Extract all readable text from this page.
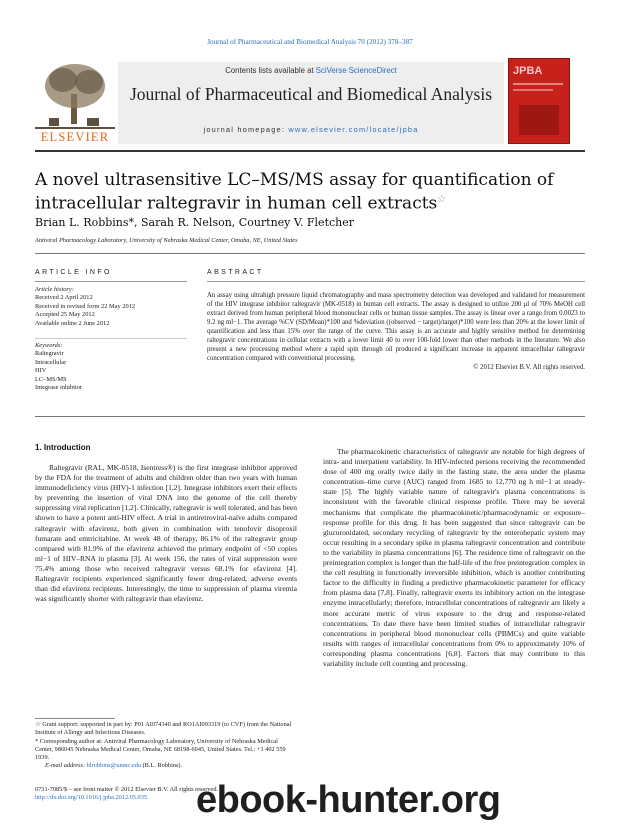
Journal of Pharmaceutical and Biomedical Analysis 70 (2012) 378–387
ELSEVIER
Contents lists available at SciVerse ScienceDirect
Journal of Pharmaceutical and Biomedical Analysis
journal homepage: www.elsevier.com/locate/jpba
JPBA
A novel ultrasensitive LC–MS/MS assay for quantification of intracellular raltegravir in human cell extracts☆
Brian L. Robbins*, Sarah R. Nelson, Courtney V. Fletcher
Antiviral Pharmacology Laboratory, University of Nebraska Medical Center, Omaha, NE, United States
ARTICLE INFO
Article history:
Received 2 April 2012
Received in revised form 22 May 2012
Accepted 25 May 2012
Available online 2 June 2012
Keywords:
Raltegravir
Intracellular
HIV
LC–MS/MS
Integrase inhibitor
ABSTRACT
An assay using ultrahigh pressure liquid chromatography and mass spectrometry detection was developed and validated for measurement of the HIV integrase inhibitor raltegravir (MK-0518) in human cell extracts. The assay is designed to utilize 200 μl of 70% MeOH cell extract derived from human peripheral blood mononuclear cells or human tissue samples. The assay is linear over a range from 0.0023 to 9.2 ng ml−1. The average %CV (SD/Mean)*100 and %deviation ((observed − target)/target)*100 were less than 20% at the lower limit of quantification and less than 15% over the range of the curve. This assay is an accurate and highly sensitive method for determining raltegravir concentrations in cellular extracts with a lower limit 40 to over 100-fold lower than other methods in the literature. We also present a new processing method where a rapid spin through oil produced a significant increase in apparent intracellular raltegravir concentration compared with conventional processing.
© 2012 Elsevier B.V. All rights reserved.
1. Introduction
Raltegravir (RAL, MK-0518, Isentress®) is the first integrase inhibitor approved by the FDA for the treatment of adults and children older than two years with human immunodeficiency virus (HIV)-1 infection [1,2]. Integrase inhibitors exert their effects by preventing the insertion of viral DNA into the genome of the cell thereby suppressing viral replication [1,2]. Clinically, raltegravir is well tolerated, and has been shown to have a potent anti-HIV effect. A trial in antiretroviral-naïve adults compared raltegravir with efavirenz, both given in combination with tenofovir disoproxil fumarate and emtricitabine. At week 48 of therapy, 86.1% of the raltegravir group compared with 81.9% of the efavirenz achieved the primary endpoint of <50 copies ml−1 of HIV–RNA in plasma [3]. At week 156, the rates of viral suppression were 75.4% among those who received raltegravir versus 68.1% for efavirenz [4]. Raltegravir recipients experienced significantly fewer drug-related, adverse events than did efavirenz recipients. Interestingly, the time to suppression of plasma viremia was significantly shorter with raltegravir than efavirenz.
The pharmacokinetic characteristics of raltegravir are notable for high degrees of intra- and interpatient variability. In HIV-infected persons receiving the recommended dose of 400 mg orally twice daily in the fasting state, the area under the plasma concentration–time curve (AUC) ranged from 1685 to 12,770 ng h ml−1 at steady-state [5]. The highly variable nature of raltegravir's plasma concentrations is inconsistent with the favorable clinical response profile. There may be several mechanisms that complicate the pharmacokinetic/pharmacodynamic or exposure–response profile for this drug. It has been suggested that since raltegravir can be glucuronidated, secondary recycling of raltegravir by the enterohepatic system may occur resulting in a secondary spike in plasma raltegravir concentration and contribute to the variability in plasma concentrations [6]. The residence time of raltegravir on the preintegration complex is longer than the half-life of the free preintegration complex in the cell resulting in functionally irreversible inhibition, which is another contributing factor to the difficulty in finding a predictive pharmacokinetic parameter for efficacy from plasma data [7,8]. Finally, raltegravir exerts its inhibitory action on the integrase enzyme intracellularly; therefore, intracellular concentrations of raltegravir are likely a more accurate metric of virus exposure to the drug and response-related concentrations. To date there have been limited studies of intracellular raltegravir concentrations in peripheral blood mononuclear cells (PBMCs) and quite variable results with ranges of intracellular concentrations from 0% to approximately 10% of corresponding plasma concentrations [6,8]. Factors that may contribute to this variability include cell counting and processing.
☆ Grant support: supported in part by: P01 AI074340 and RO1AI093319 (to CVF) from the National Institute of Allergy and Infectious Diseases.
* Corresponding author at: Antiviral Pharmacology Laboratory, University of Nebraska Medical Center, 986045 Nebraska Medical Center, Omaha, NE 68198-6045, United States. Tel.: +1 402 559 1939.
E-mail address: blrobbins@unmc.edu (B.L. Robbins).
0731-7085/$ – see front matter © 2012 Elsevier B.V. All rights reserved.
http://dx.doi.org/10.1016/j.jpba.2012.05.035	ebook-hunter.org
